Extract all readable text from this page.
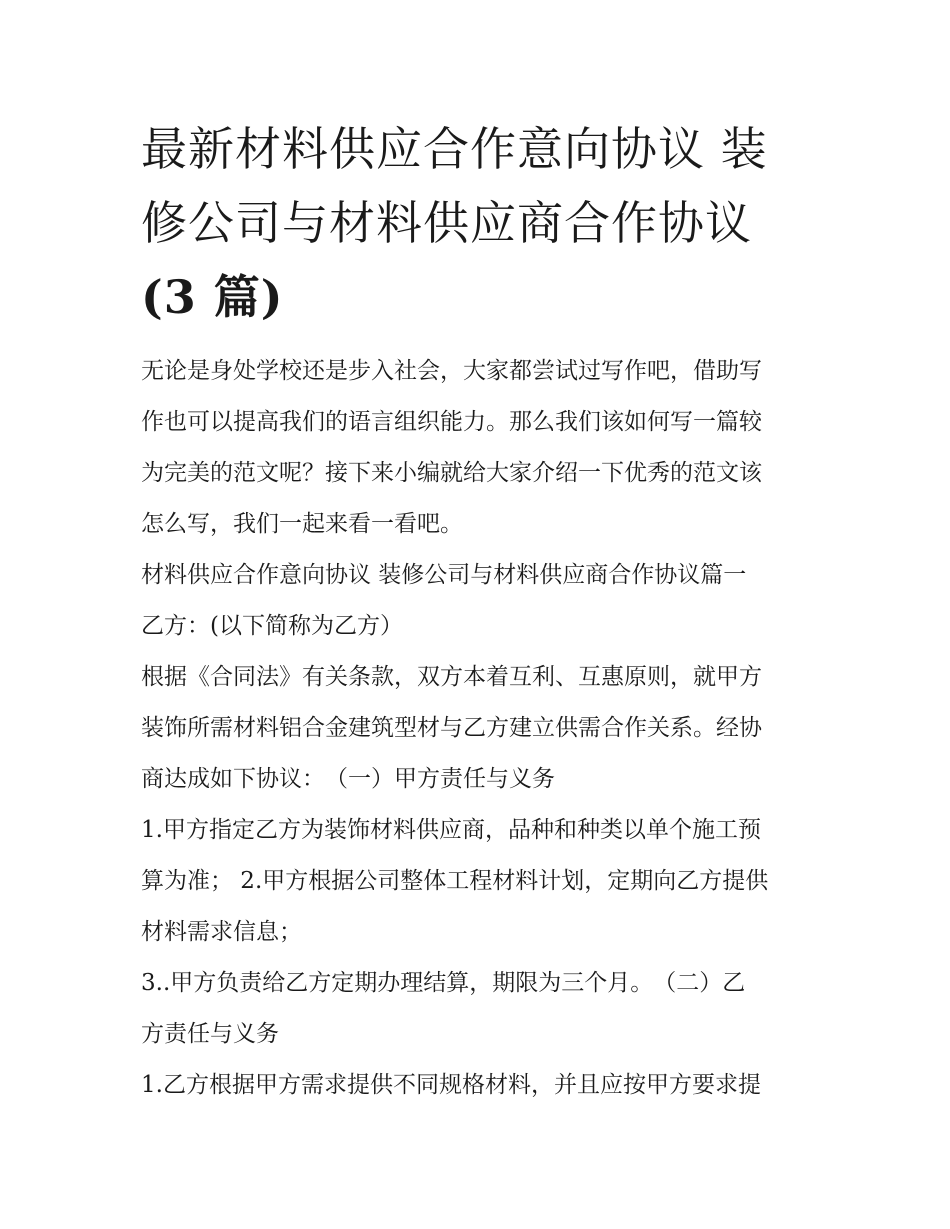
最新材料供应合作意向协议 装
修公司与材料供应商合作协议
(3 篇)

无论是身处学校还是步入社会，大家都尝试过写作吧，借助写

作也可以提高我们的语言组织能力。那么我们该如何写一篇较

为完美的范文呢？接下来小编就给大家介绍一下优秀的范文该

怎么写，我们一起来看一看吧。

材料供应合作意向协议 装修公司与材料供应商合作协议篇一

乙方：(以下简称为乙方）

根据《合同法》有关条款，双方本着互利、互惠原则，就甲方

装饰所需材料铝合金建筑型材与乙方建立供需合作关系。经协

商达成如下协议：　（一）甲方责任与义务

1.甲方指定乙方为装饰材料供应商，品种和种类以单个施工预

算为准； 2.甲方根据公司整体工程材料计划，定期向乙方提供

材料需求信息；

3..甲方负责给乙方定期办理结算，期限为三个月。　（二）乙

方责任与义务

1.乙方根据甲方需求提供不同规格材料，并且应按甲方要求提
